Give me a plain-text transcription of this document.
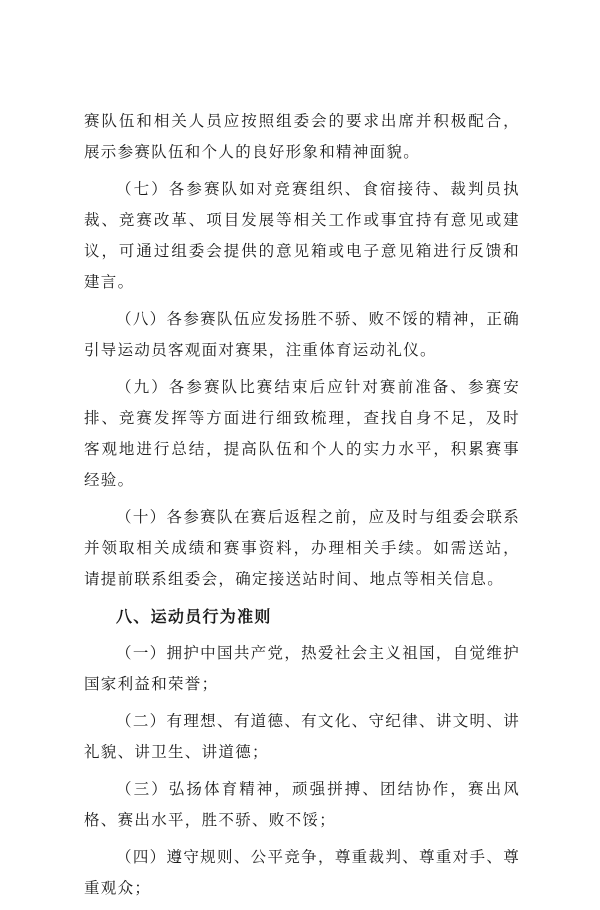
赛队伍和相关人员应按照组委会的要求出席并积极配合，展示参赛队伍和个人的良好形象和精神面貌。

（七）各参赛队如对竞赛组织、食宿接待、裁判员执裁、竞赛改革、项目发展等相关工作或事宜持有意见或建议，可通过组委会提供的意见箱或电子意见箱进行反馈和建言。

（八）各参赛队伍应发扬胜不骄、败不馁的精神，正确引导运动员客观面对赛果，注重体育运动礼仪。

（九）各参赛队比赛结束后应针对赛前准备、参赛安排、竞赛发挥等方面进行细致梳理，查找自身不足，及时客观地进行总结，提高队伍和个人的实力水平，积累赛事经验。

（十）各参赛队在赛后返程之前，应及时与组委会联系并领取相关成绩和赛事资料，办理相关手续。如需送站，请提前联系组委会，确定接送站时间、地点等相关信息。

八、运动员行为准则

（一）拥护中国共产党，热爱社会主义祖国，自觉维护国家利益和荣誉；

（二）有理想、有道德、有文化、守纪律、讲文明、讲礼貌、讲卫生、讲道德；

（三）弘扬体育精神，顽强拼搏、团结协作，赛出风格、赛出水平，胜不骄、败不馁；

（四）遵守规则、公平竞争，尊重裁判、尊重对手、尊重观众；
